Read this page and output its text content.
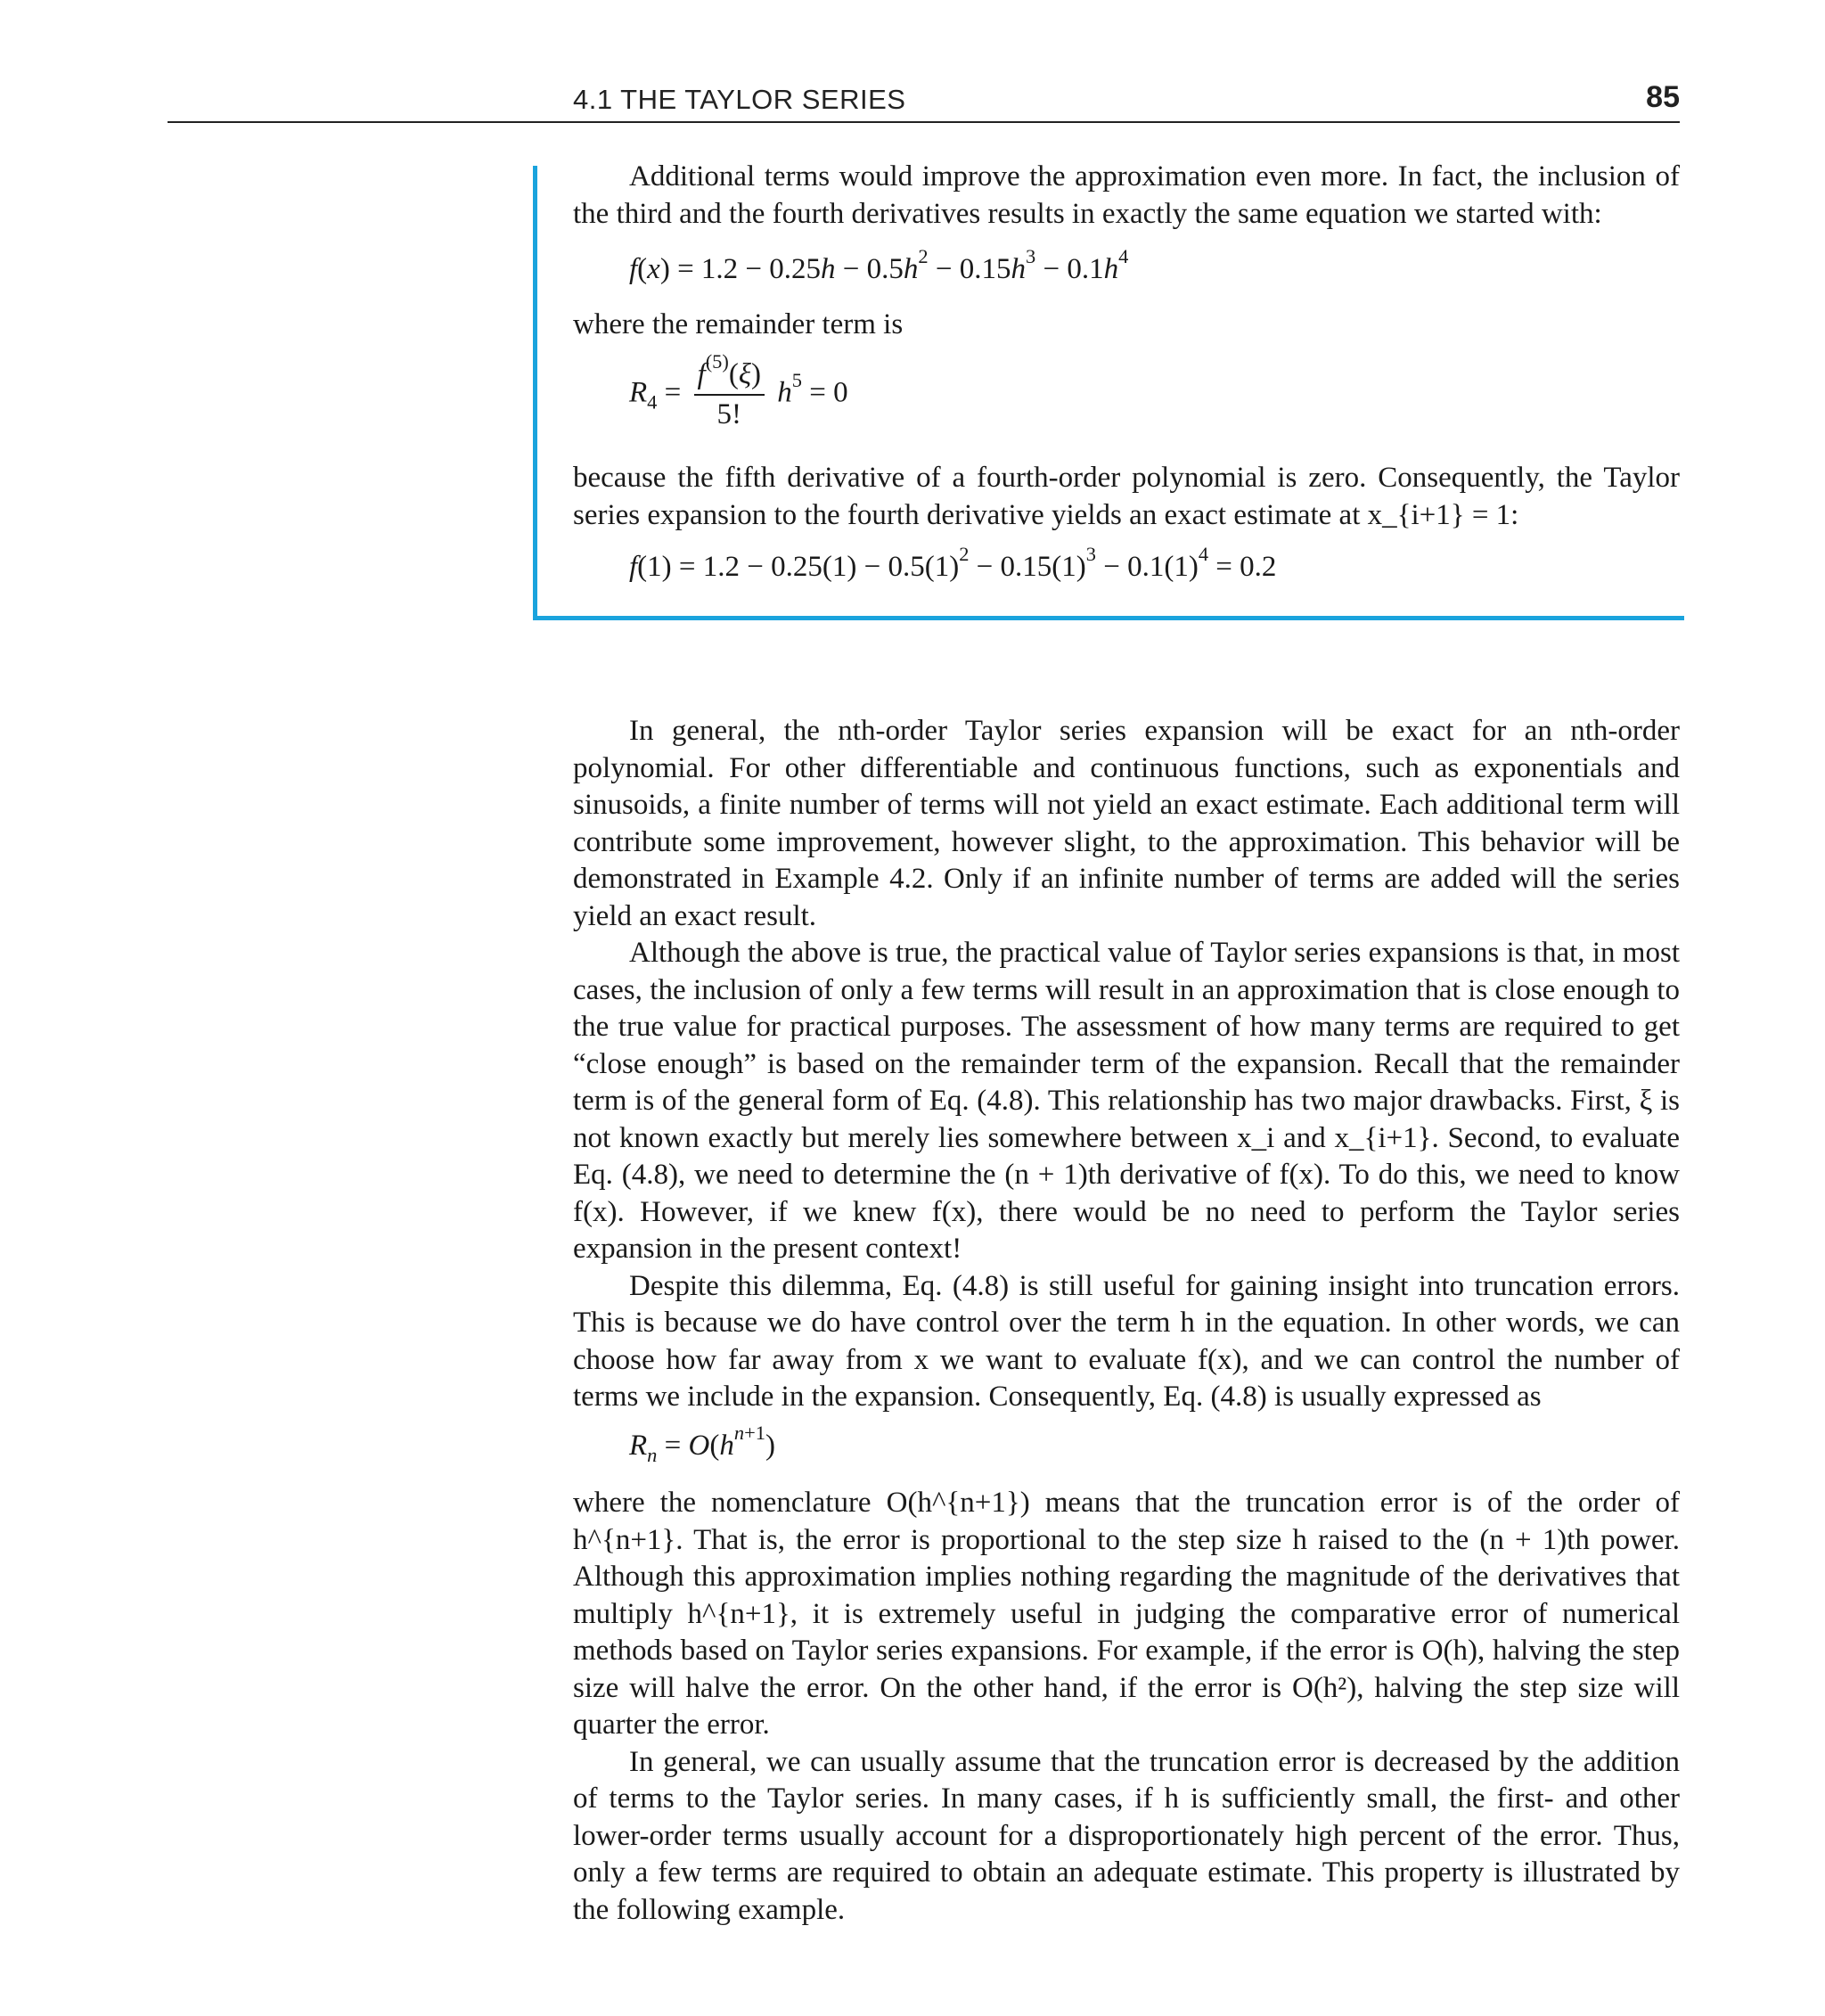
4.1 THE TAYLOR SERIES	85

Additional terms would improve the approximation even more. In fact, the inclusion of the third and the fourth derivatives results in exactly the same equation we started with:

$f(x) = 1.2 - 0.25h - 0.5h^2 - 0.15h^3 - 0.1h^4$

where the remainder term is

$R_4 = \frac{f^{(5)}(\xi)}{5!} h^5 = 0$

because the fifth derivative of a fourth-order polynomial is zero. Consequently, the Taylor series expansion to the fourth derivative yields an exact estimate at x_{i+1} = 1:

$f(1) = 1.2 - 0.25(1) - 0.5(1)^2 - 0.15(1)^3 - 0.1(1)^4 = 0.2$

In general, the nth-order Taylor series expansion will be exact for an nth-order polynomial. For other differentiable and continuous functions, such as exponentials and sinusoids, a finite number of terms will not yield an exact estimate. Each additional term will contribute some improvement, however slight, to the approximation. This behavior will be demonstrated in Example 4.2. Only if an infinite number of terms are added will the series yield an exact result.

Although the above is true, the practical value of Taylor series expansions is that, in most cases, the inclusion of only a few terms will result in an approximation that is close enough to the true value for practical purposes. The assessment of how many terms are required to get “close enough” is based on the remainder term of the expansion. Recall that the remainder term is of the general form of Eq. (4.8). This relationship has two major drawbacks. First, ξ is not known exactly but merely lies somewhere between x_i and x_{i+1}. Second, to evaluate Eq. (4.8), we need to determine the (n + 1)th derivative of f(x). To do this, we need to know f(x). However, if we knew f(x), there would be no need to perform the Taylor series expansion in the present context!

Despite this dilemma, Eq. (4.8) is still useful for gaining insight into truncation errors. This is because we do have control over the term h in the equation. In other words, we can choose how far away from x we want to evaluate f(x), and we can control the number of terms we include in the expansion. Consequently, Eq. (4.8) is usually expressed as

$R_n = O(h^{n+1})$

where the nomenclature O(h^{n+1}) means that the truncation error is of the order of h^{n+1}. That is, the error is proportional to the step size h raised to the (n + 1)th power. Although this approximation implies nothing regarding the magnitude of the derivatives that multiply h^{n+1}, it is extremely useful in judging the comparative error of numerical methods based on Taylor series expansions. For example, if the error is O(h), halving the step size will halve the error. On the other hand, if the error is O(h²), halving the step size will quarter the error.

In general, we can usually assume that the truncation error is decreased by the addition of terms to the Taylor series. In many cases, if h is sufficiently small, the first- and other lower-order terms usually account for a disproportionately high percent of the error. Thus, only a few terms are required to obtain an adequate estimate. This property is illustrated by the following example.
